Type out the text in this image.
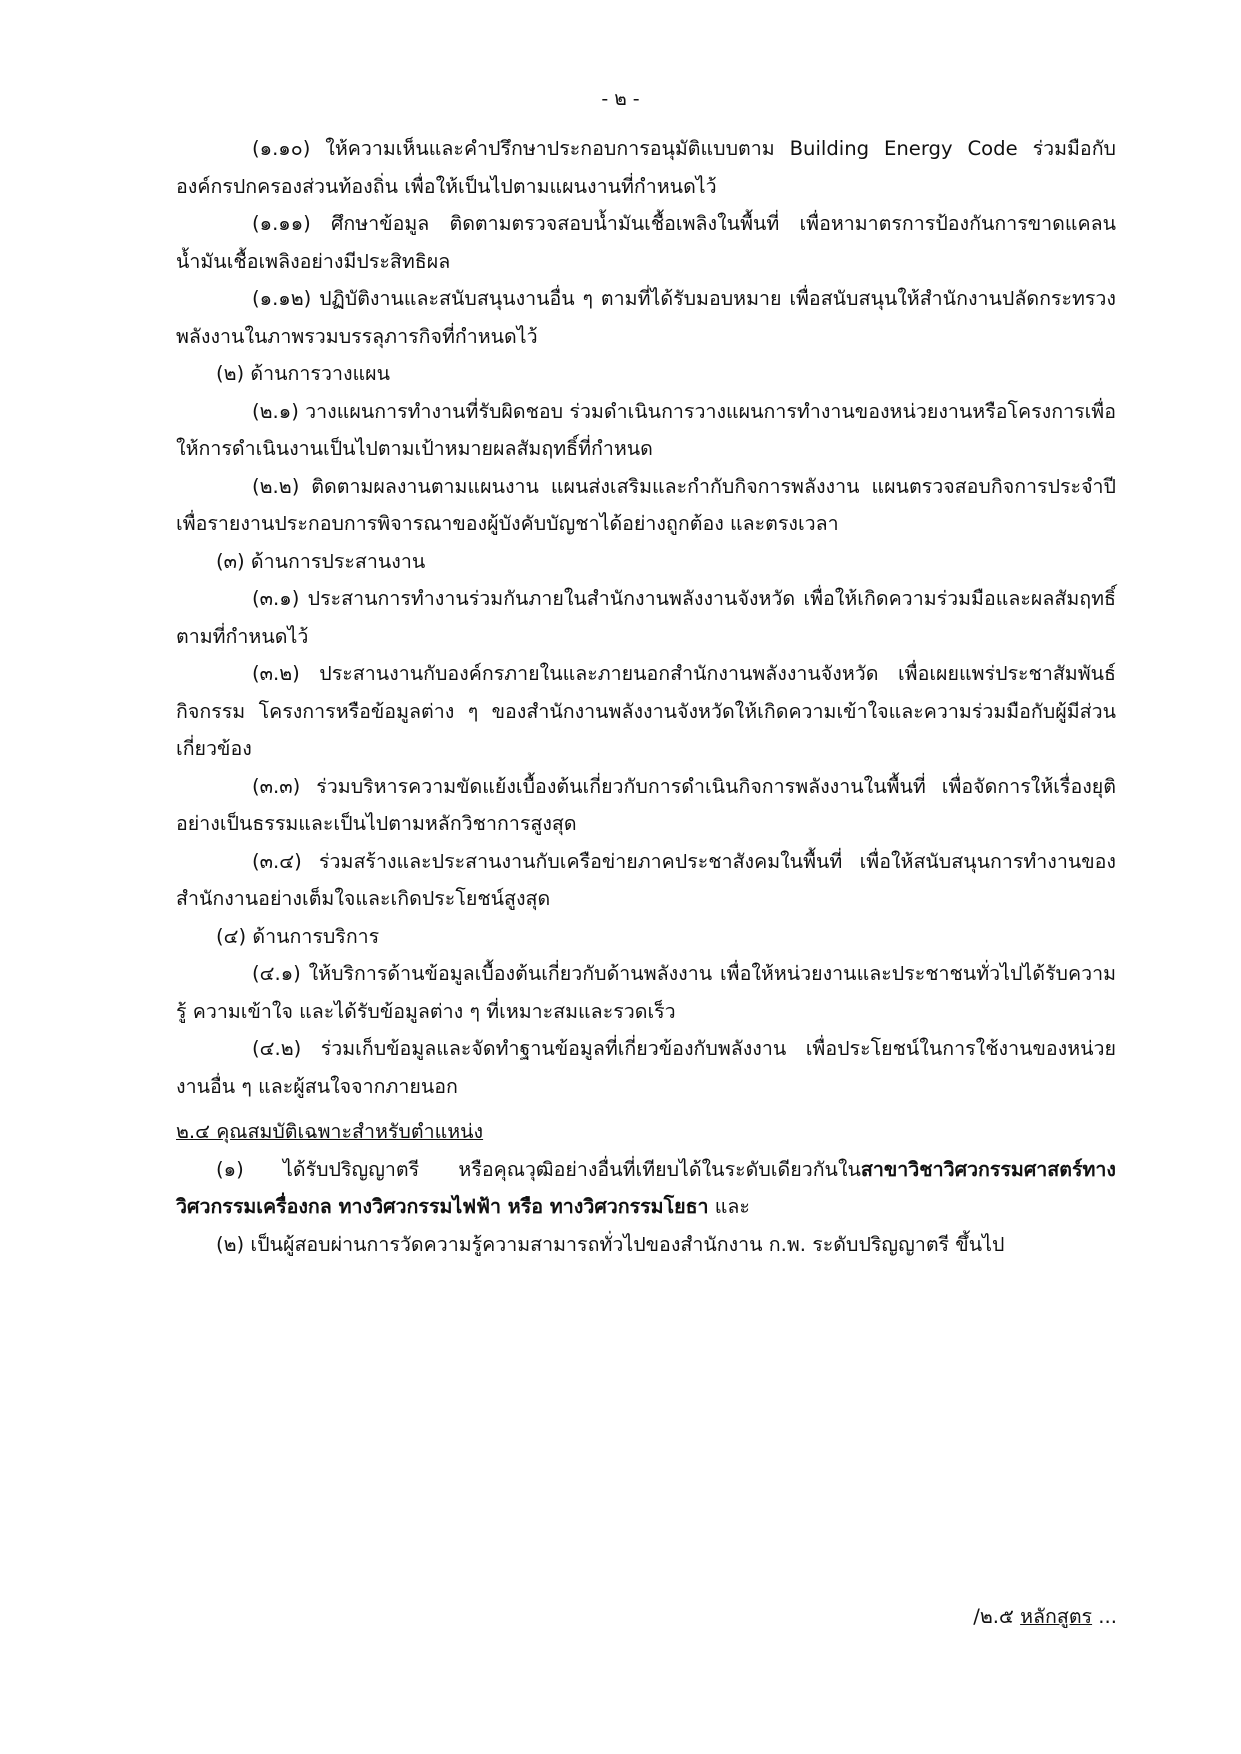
- ๒ -

(๑.๑๐) ให้ความเห็นและคำปรึกษาประกอบการอนุมัติแบบตาม Building Energy Code ร่วมมือกับองค์กรปกครองส่วนท้องถิ่น เพื่อให้เป็นไปตามแผนงานที่กำหนดไว้

(๑.๑๑) ศึกษาข้อมูล ติดตามตรวจสอบน้ำมันเชื้อเพลิงในพื้นที่ เพื่อหามาตรการป้องกันการขาดแคลนน้ำมันเชื้อเพลิงอย่างมีประสิทธิผล

(๑.๑๒) ปฏิบัติงานและสนับสนุนงานอื่น ๆ ตามที่ได้รับมอบหมาย เพื่อสนับสนุนให้สำนักงานปลัดกระทรวงพลังงานในภาพรวมบรรลุภารกิจที่กำหนดไว้

(๒) ด้านการวางแผน

(๒.๑) วางแผนการทำงานที่รับผิดชอบ ร่วมดำเนินการวางแผนการทำงานของหน่วยงานหรือโครงการเพื่อให้การดำเนินงานเป็นไปตามเป้าหมายผลสัมฤทธิ์ที่กำหนด

(๒.๒) ติดตามผลงานตามแผนงาน แผนส่งเสริมและกำกับกิจการพลังงาน แผนตรวจสอบกิจการประจำปีเพื่อรายงานประกอบการพิจารณาของผู้บังคับบัญชาได้อย่างถูกต้อง และตรงเวลา

(๓) ด้านการประสานงาน

(๓.๑) ประสานการทำงานร่วมกันภายในสำนักงานพลังงานจังหวัด เพื่อให้เกิดความร่วมมือและผลสัมฤทธิ์ตามที่กำหนดไว้

(๓.๒) ประสานงานกับองค์กรภายในและภายนอกสำนักงานพลังงานจังหวัด เพื่อเผยแพร่ประชาสัมพันธ์กิจกรรม โครงการหรือข้อมูลต่าง ๆ ของสำนักงานพลังงานจังหวัดให้เกิดความเข้าใจและความร่วมมือกับผู้มีส่วนเกี่ยวข้อง

(๓.๓) ร่วมบริหารความขัดแย้งเบื้องต้นเกี่ยวกับการดำเนินกิจการพลังงานในพื้นที่ เพื่อจัดการให้เรื่องยุติอย่างเป็นธรรมและเป็นไปตามหลักวิชาการสูงสุด

(๓.๔) ร่วมสร้างและประสานงานกับเครือข่ายภาคประชาสังคมในพื้นที่ เพื่อให้สนับสนุนการทำงานของสำนักงานอย่างเต็มใจและเกิดประโยชน์สูงสุด

(๔) ด้านการบริการ

(๔.๑) ให้บริการด้านข้อมูลเบื้องต้นเกี่ยวกับด้านพลังงาน เพื่อให้หน่วยงานและประชาชนทั่วไปได้รับความรู้ ความเข้าใจ และได้รับข้อมูลต่าง ๆ ที่เหมาะสมและรวดเร็ว

(๔.๒) ร่วมเก็บข้อมูลและจัดทำฐานข้อมูลที่เกี่ยวข้องกับพลังงาน เพื่อประโยชน์ในการใช้งานของหน่วยงานอื่น ๆ และผู้สนใจจากภายนอก

๒.๔ คุณสมบัติเฉพาะสำหรับตำแหน่ง

(๑) ได้รับปริญญาตรี หรือคุณวุฒิอย่างอื่นที่เทียบได้ในระดับเดียวกันในสาขาวิชาวิศวกรรมศาสตร์ทางวิศวกรรมเครื่องกล ทางวิศวกรรมไฟฟ้า หรือ ทางวิศวกรรมโยธา และ

(๒) เป็นผู้สอบผ่านการวัดความรู้ความสามารถทั่วไปของสำนักงาน ก.พ. ระดับปริญญาตรี ขึ้นไป

/๒.๕ หลักสูตร ...
